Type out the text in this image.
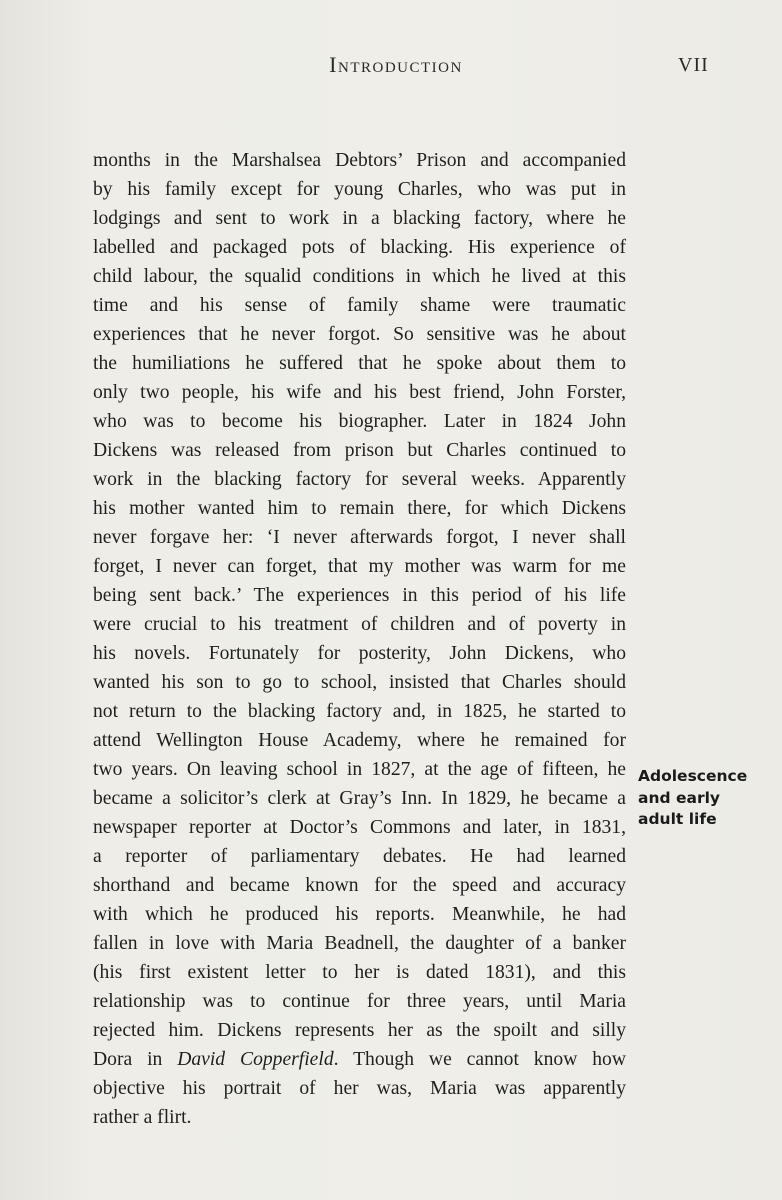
Introduction	VII
months in the Marshalsea Debtors’ Prison and accompanied
by his family except for young Charles, who was put in
lodgings and sent to work in a blacking factory, where he
labelled and packaged pots of blacking. His experience of
child labour, the squalid conditions in which he lived at this
time and his sense of family shame were traumatic
experiences that he never forgot. So sensitive was he about
the humiliations he suffered that he spoke about them to
only two people, his wife and his best friend, John Forster,
who was to become his biographer. Later in 1824 John
Dickens was released from prison but Charles continued to
work in the blacking factory for several weeks. Apparently
his mother wanted him to remain there, for which Dickens
never forgave her: ‘I never afterwards forgot, I never shall
forget, I never can forget, that my mother was warm for me
being sent back.’ The experiences in this period of his life
were crucial to his treatment of children and of poverty in
his novels. Fortunately for posterity, John Dickens, who
wanted his son to go to school, insisted that Charles should
not return to the blacking factory and, in 1825, he started to
attend Wellington House Academy, where he remained for
two years. On leaving school in 1827, at the age of fifteen, he
became a solicitor’s clerk at Gray’s Inn. In 1829, he became a
newspaper reporter at Doctor’s Commons and later, in 1831,
a reporter of parliamentary debates. He had learned
shorthand and became known for the speed and accuracy
with which he produced his reports. Meanwhile, he had
fallen in love with Maria Beadnell, the daughter of a banker
(his first existent letter to her is dated 1831), and this
relationship was to continue for three years, until Maria
rejected him. Dickens represents her as the spoilt and silly
Dora in David Copperfield. Though we cannot know how
objective his portrait of her was, Maria was apparently
rather a flirt.
Adolescence
and early
adult life
